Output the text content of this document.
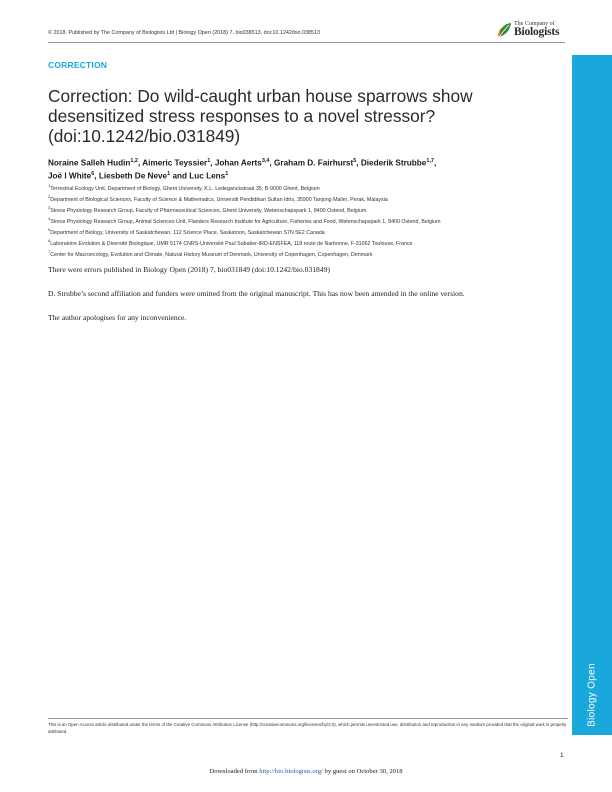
© 2018. Published by The Company of Biologists Ltd | Biology Open (2018) 7, bio038513. doi:10.1242/bio.038513
The Company of
Biologists
CORRECTION
Correction: Do wild-caught urban house sparrows show desensitized stress responses to a novel stressor? (doi:10.1242/bio.031849)
Noraine Salleh Hudin$^{1,2}$, Aimeric Teyssier$^1$, Johan Aerts$^{3,4}$, Graham D. Fairhurst$^5$, Diederik Strubbe$^{1,7}$,
Joë l White$^6$, Liesbeth De Neve$^1$ and Luc Lens$^1$
$^1$Terrestrial Ecology Unit, Department of Biology, Ghent University, K.L. Ledeganckstraat 35, B-9000 Ghent, Belgium
$^2$Department of Biological Sciences, Faculty of Science & Mathematics, Universiti Pendidikan Sultan Idris, 35900 Tanjong Malim, Perak, Malaysia
$^3$Stress Physiology Research Group, Faculty of Pharmaceutical Sciences, Ghent University, Wetenschapspark 1, 8400 Ostend, Belgium
$^4$Stress Physiology Research Group, Animal Sciences Unit, Flanders Research Institute for Agriculture, Fisheries and Food, Wetenschapspark 1, 8400 Ostend, Belgium
$^5$Department of Biology, University of Saskatchewan, 112 Science Place, Saskatoon, Saskatchewan S7N 5E2 Canada
$^6$Laboratoire Evolution & Diversité Biologique, UMR 5174 CNRS-Université Paul Sabatier-IRD-ENSFEA, 118 route de Narbonne, F-31062 Toulouse, France
$^7$Center for Macroecology, Evolution and Climate, Natural History Museum of Denmark, University of Copenhagen, Copenhagen, Denmark

There were errors published in Biology Open (2018) 7, bio031849 (doi:10.1242/bio.031849)

D. Strubbe’s second affiliation and funders were omitted from the original manuscript. This has now been amended in the online version.

The author apologises for any inconvenience.

Biology Open
This is an Open Access article distributed under the terms of the Creative Commons Attribution License (http://creativecommons.org/licenses/by/3.0), which permits unrestricted use, distribution and reproduction in any medium provided that the original work is properly attributed.
1
Downloaded from http://bio.biologists.org/ by guest on October 30, 2018
